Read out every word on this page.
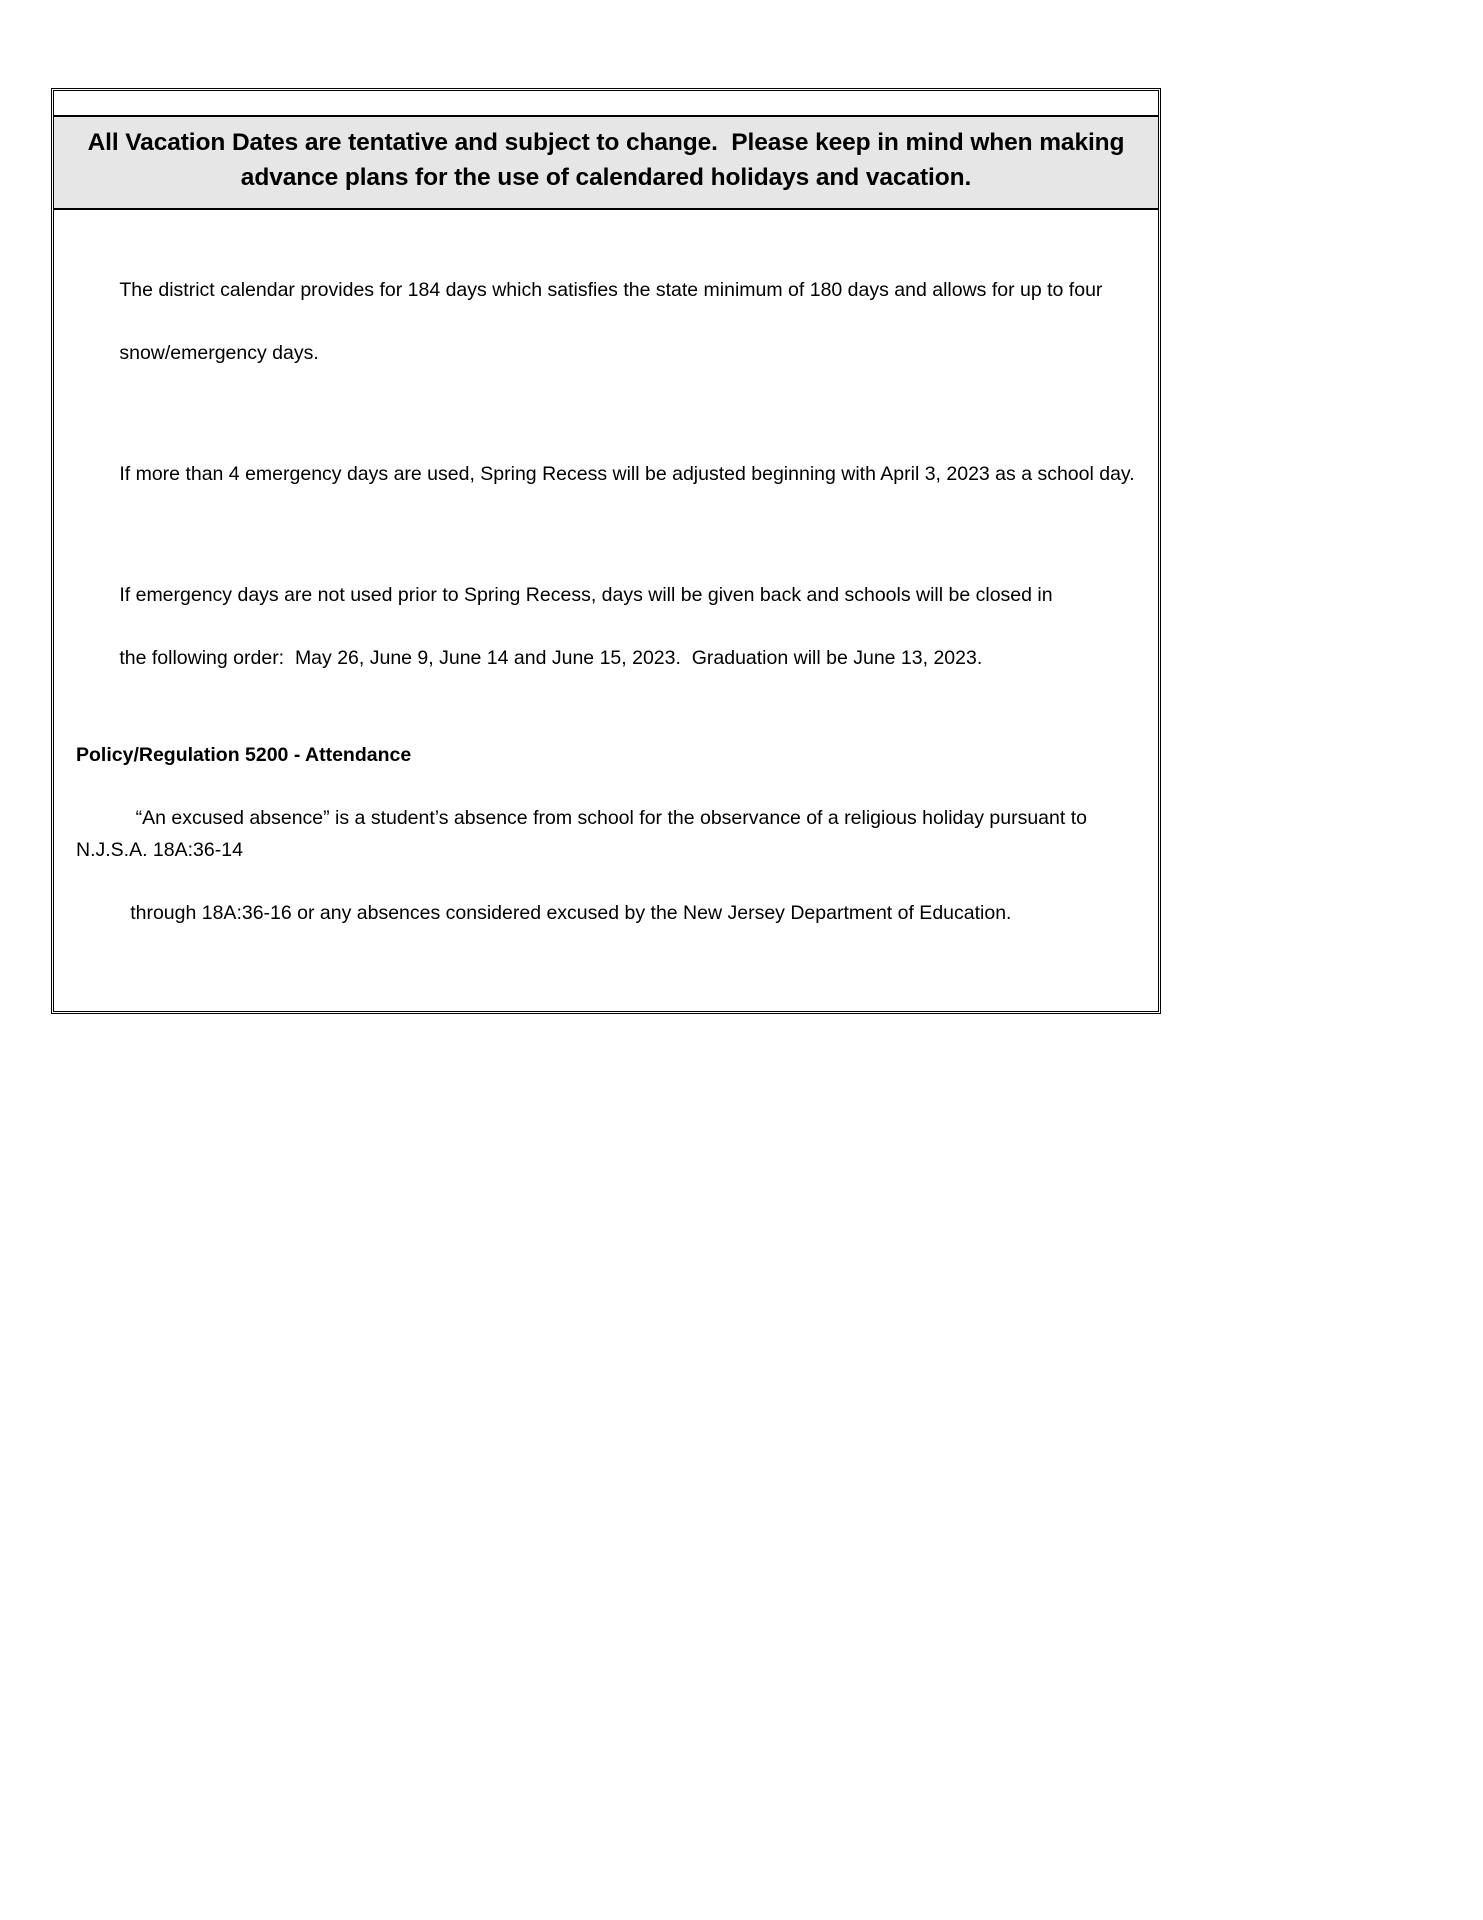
All Vacation Dates are tentative and subject to change.  Please keep in mind when making
advance plans for the use of calendared holidays and vacation.

The district calendar provides for 184 days which satisfies the state minimum of 180 days and allows for up to four

snow/emergency days.

If more than 4 emergency days are used, Spring Recess will be adjusted beginning with April 3, 2023 as a school day.

If emergency days are not used prior to Spring Recess, days will be given back and schools will be closed in

the following order:  May 26, June 9, June 14 and June 15, 2023.  Graduation will be June 13, 2023.

Policy/Regulation 5200 - Attendance

“An excused absence” is a student’s absence from school for the observance of a religious holiday pursuant to N.J.S.A. 18A:36-14

through 18A:36-16 or any absences considered excused by the New Jersey Department of Education.
